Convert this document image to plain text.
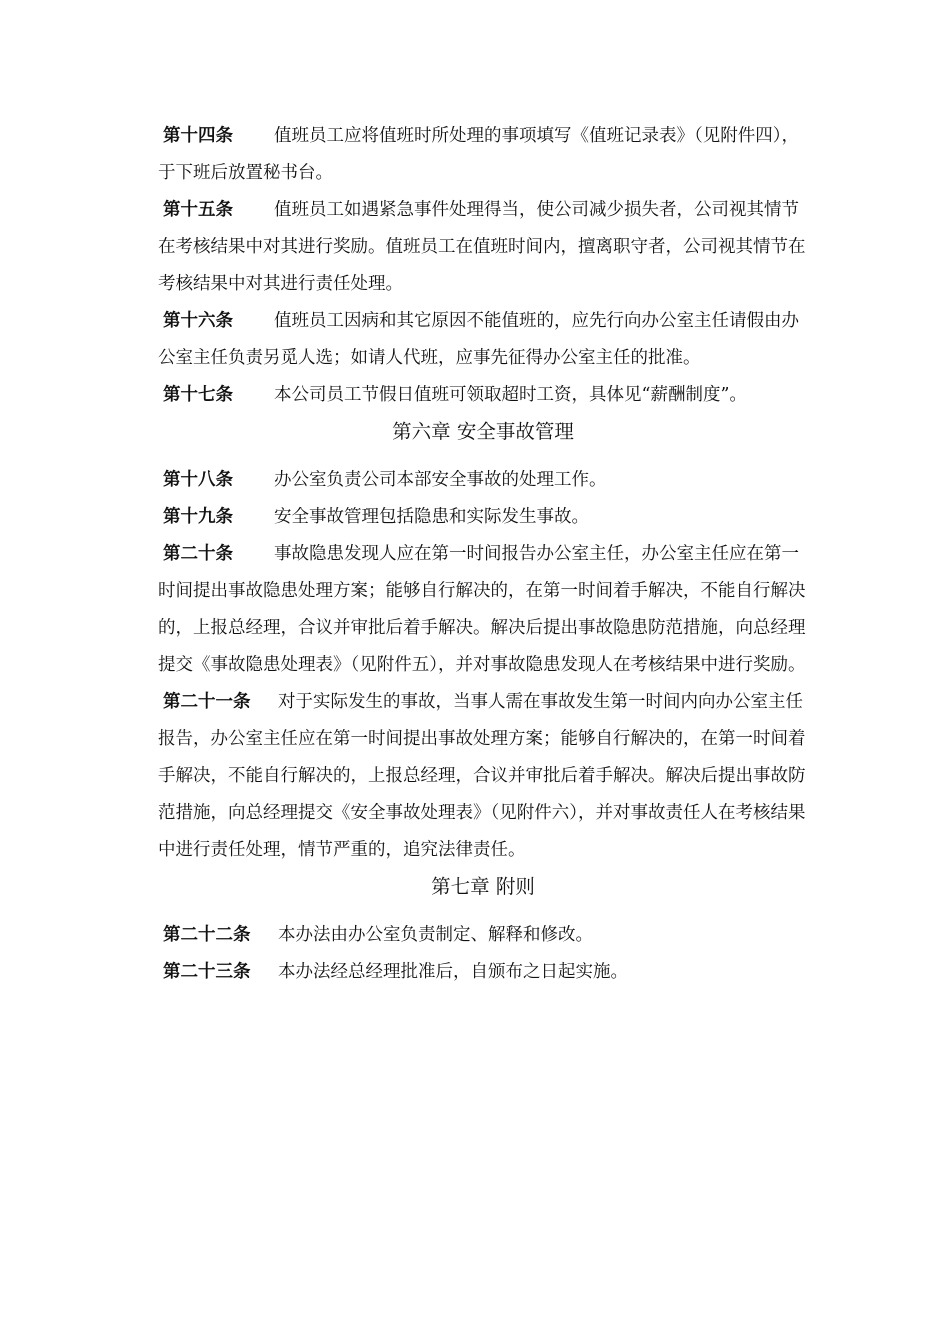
第十四条 值班员工应将值班时所处理的事项填写《值班记录表》（见附件四），于下班后放置秘书台。

第十五条 值班员工如遇紧急事件处理得当，使公司减少损失者，公司视其情节在考核结果中对其进行奖励。值班员工在值班时间内，擅离职守者，公司视其情节在考核结果中对其进行责任处理。

第十六条 值班员工因病和其它原因不能值班的，应先行向办公室主任请假由办公室主任负责另觅人选；如请人代班，应事先征得办公室主任的批准。

第十七条 本公司员工节假日值班可领取超时工资，具体见“薪酬制度”。

第六章 安全事故管理

第十八条 办公室负责公司本部安全事故的处理工作。

第十九条 安全事故管理包括隐患和实际发生事故。

第二十条 事故隐患发现人应在第一时间报告办公室主任，办公室主任应在第一时间提出事故隐患处理方案；能够自行解决的，在第一时间着手解决，不能自行解决的，上报总经理，合议并审批后着手解决。解决后提出事故隐患防范措施，向总经理提交《事故隐患处理表》（见附件五），并对事故隐患发现人在考核结果中进行奖励。

第二十一条 对于实际发生的事故，当事人需在事故发生第一时间内向办公室主任报告，办公室主任应在第一时间提出事故处理方案；能够自行解决的，在第一时间着手解决，不能自行解决的，上报总经理，合议并审批后着手解决。解决后提出事故防范措施，向总经理提交《安全事故处理表》（见附件六），并对事故责任人在考核结果中进行责任处理，情节严重的，追究法律责任。

第七章 附则

第二十二条 本办法由办公室负责制定、解释和修改。

第二十三条 本办法经总经理批准后，自颁布之日起实施。
